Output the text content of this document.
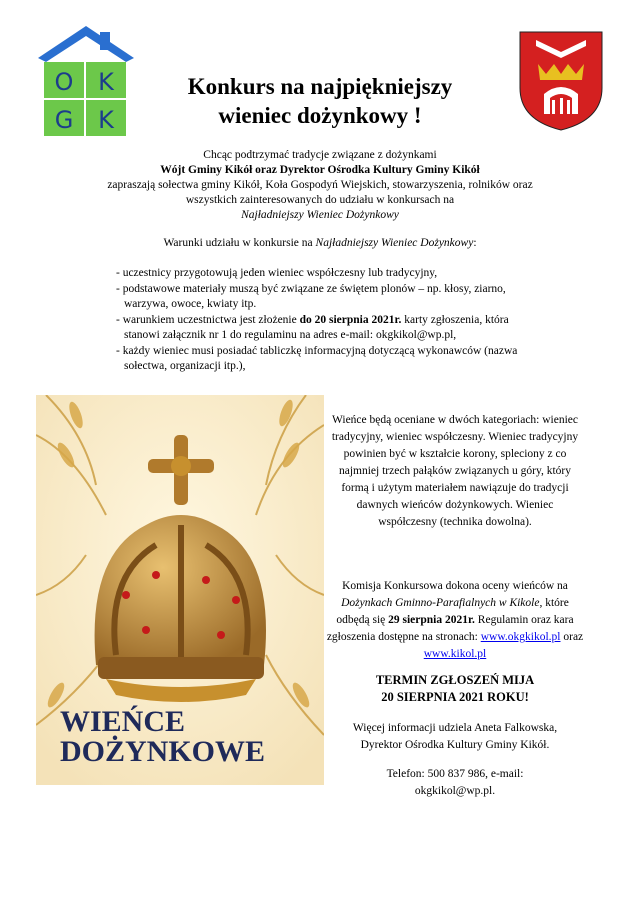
O K
G K
Konkurs na najpiękniejszy
wieniec dożynkowy !
Chcąc podtrzymać tradycje związane z dożynkami
Wójt Gminy Kikół oraz Dyrektor Ośrodka Kultury Gminy Kikół
zapraszają sołectwa gminy Kikół, Koła Gospodyń Wiejskich, stowarzyszenia, rolników oraz
wszystkich zainteresowanych do udziału w konkursach na
Najładniejszy Wieniec Dożynkowy
Warunki udziału w konkursie na Najładniejszy Wieniec Dożynkowy:
- uczestnicy przygotowują jeden wieniec współczesny lub tradycyjny,
- podstawowe materiały muszą być związane ze świętem plonów – np. kłosy, ziarno, warzywa, owoce, kwiaty itp.
- warunkiem uczestnictwa jest złożenie do 20 sierpnia 2021r. karty zgłoszenia, która stanowi załącznik nr 1 do regulaminu na adres e-mail: okgkikol@wp.pl,
- każdy wieniec musi posiadać tabliczkę informacyjną dotyczącą wykonawców (nazwa sołectwa, organizacji itp.),
WIEŃCE
DOŻYNKOWE

Wieńce będą oceniane w dwóch kategoriach: wieniec tradycyjny, wieniec współczesny. Wieniec tradycyjny powinien być w kształcie korony, spleciony z co najmniej trzech pałąków związanych u góry, który formą i użytym materiałem nawiązuje do tradycji dawnych wieńców dożynkowych. Wieniec współczesny (technika dowolna).

Komisja Konkursowa dokona oceny wieńców na Dożynkach Gminno-Parafialnych w Kikole, które odbędą się 29 sierpnia 2021r. Regulamin oraz kara zgłoszenia dostępne na stronach: www.okgkikol.pl oraz www.kikol.pl

TERMIN ZGŁOSZEŃ MIJA

20 SIERPNIA 2021 ROKU!

Więcej informacji udziela Aneta Falkowska,

Dyrektor Ośrodka Kultury Gminy Kikół.

Telefon: 500 837 986, e-mail:

okgkikol@wp.pl.
